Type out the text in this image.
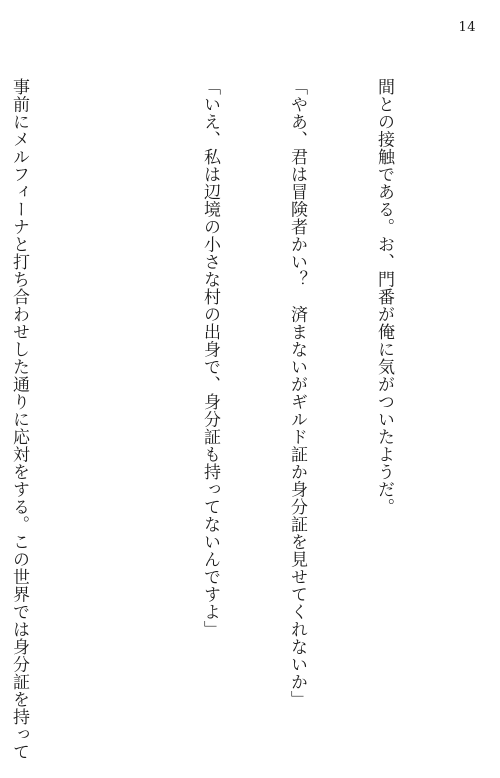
14

間との接触である。お、門番が俺に気がついたようだ。

「やあ、君は冒険者かい？　済まないがギルド証か身分証を見せてくれないか」

「いえ、私は辺境の小さな村の出身で、身分証も持ってないんですよ」

事前にメルフィーナと打ち合わせした通りに応対をする。この世界では身分証を持って
